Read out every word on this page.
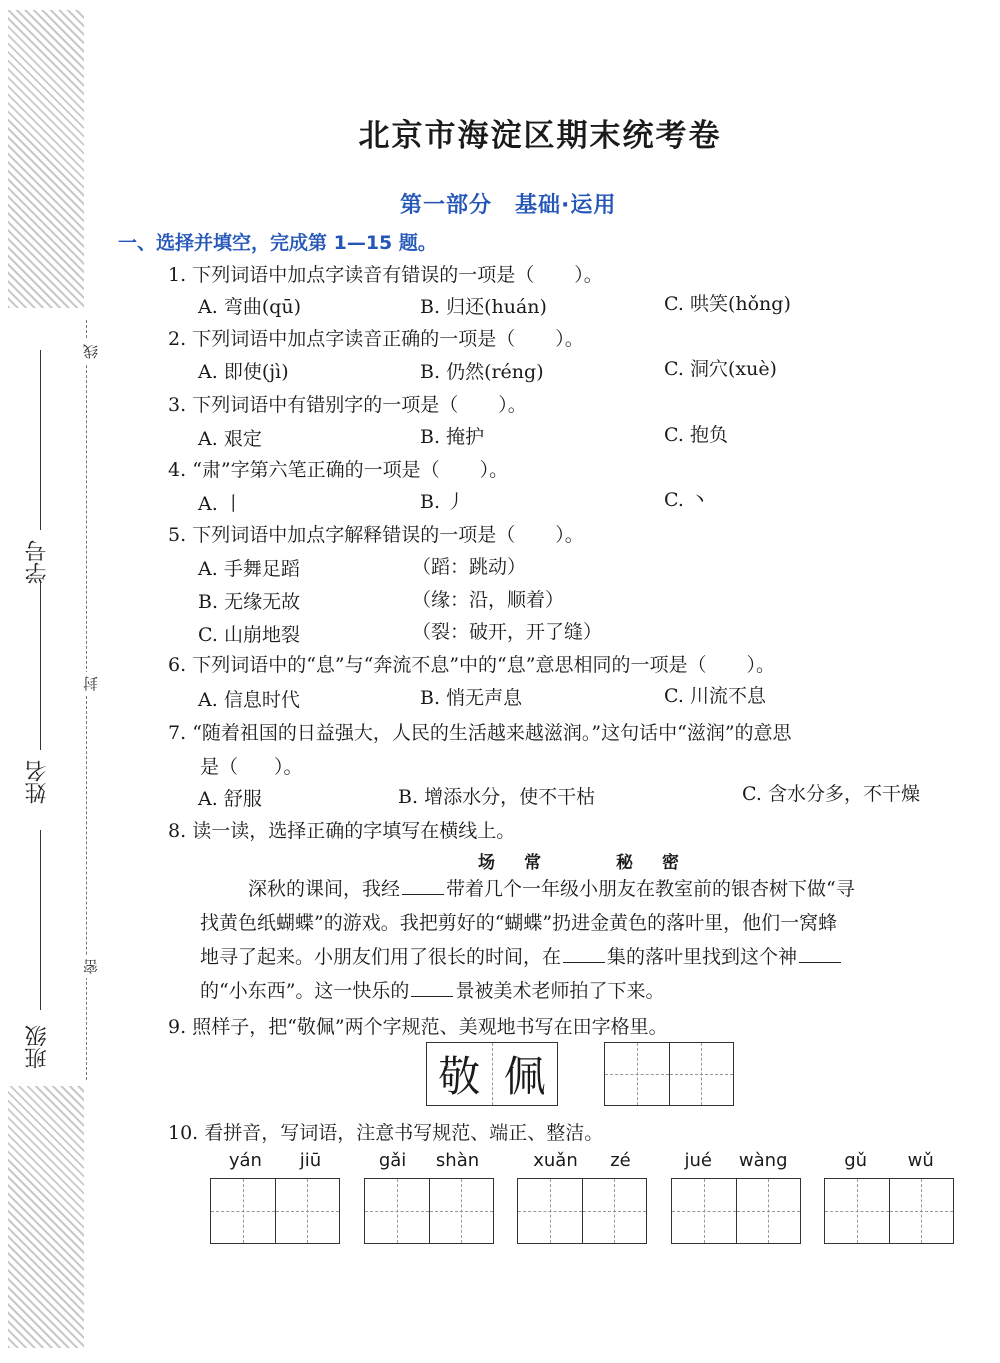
学号
姓名
班级
线
封
密
北京市海淀区期末统考卷
第一部分　基础·运用
一、选择并填空，完成第 1—15 题。
1. 下列词语中加点字读音有错误的一项是（ ）。
A. 弯曲(qū)	B. 归还(huán)	C. 哄笑(hǒng)
2. 下列词语中加点字读音正确的一项是（ ）。
A. 即使(jì)	B. 仍然(réng)	C. 洞穴(xuè)
3. 下列词语中有错别字的一项是（ ）。
A. 艰定	B. 掩护	C. 抱负
4. “肃”字第六笔正确的一项是（ ）。
A. 丨	B. 丿	C. 丶
5. 下列词语中加点字解释错误的一项是（ ）。
A. 手舞足蹈	（蹈：跳动）
B. 无缘无故	（缘：沿，顺着）
C. 山崩地裂	（裂：破开，开了缝）
6. 下列词语中的“息”与“奔流不息”中的“息”意思相同的一项是（ ）。
A. 信息时代	B. 悄无声息	C. 川流不息
7. “随着祖国的日益强大，人民的生活越来越滋润。”这句话中“滋润”的意思
是（ ）。
A. 舒服	B. 增添水分，使不干枯	C. 含水分多，不干燥
8. 读一读，选择正确的字填写在横线上。
场　常　　　秘　密
深秋的课间，我经 带着几个一年级小朋友在教室前的银杏树下做“寻
找黄色纸蝴蝶”的游戏。我把剪好的“蝴蝶”扔进金黄色的落叶里，他们一窝蜂
地寻了起来。小朋友们用了很长的时间，在 集的落叶里找到这个神
的“小东西”。这一快乐的 景被美术老师拍了下来。
9. 照样子，把“敬佩”两个字规范、美观地书写在田字格里。
敬 佩
10. 看拼音，写词语，注意书写规范、端正、整洁。
yán jiū	gǎi shàn	xuǎn zé	jué wàng	gǔ wǔ
